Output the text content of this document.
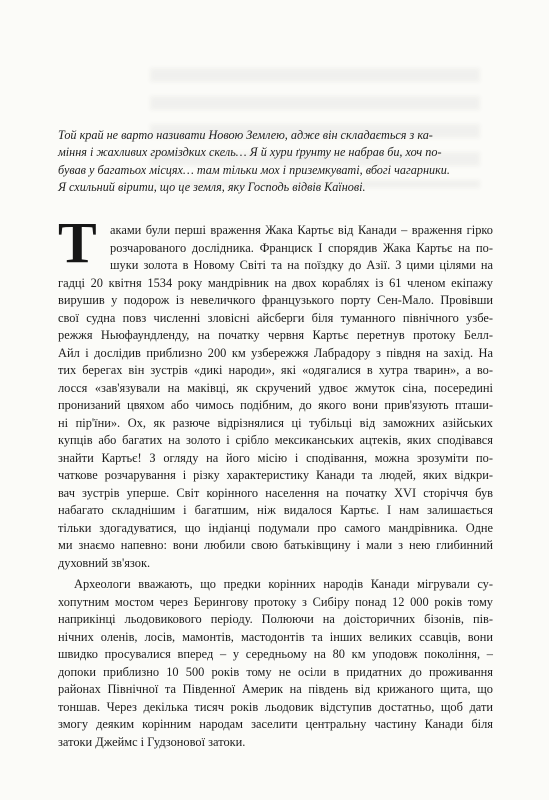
Той край не варто називати Новою Землею, адже він складається з ка-
міння і жахливих громіздких скель… Я й хури ґрунту не набрав би, хоч по-
бував у багатьох місцях… там тільки мох і приземкуваті, вбогі чагарники.
Я схильний вірити, що це земля, яку Господь відвів Каїнові.

Т	аками були перші враження Жака Картьє від Канади – враження гірко
розчарованого дослідника. Франциск I спорядив Жака Картьє на по-
шуки золота в Новому Світі та на поїздку до Азії. З цими цілями на
гадці 20 квітня 1534 року мандрівник на двох кораблях із 61 членом екіпажу
вирушив у подорож із невеличкого французького порту Сен-Мало. Провівши
свої судна повз численні зловісні айсберги біля туманного північного узбе-
режжя Ньюфаундленду, на початку червня Картьє перетнув протоку Белл-
Айл і дослідив приблизно 200 км узбережжя Лабрадору з півдня на захід. На
тих берегах він зустрів «дикі народи», які «одягалися в хутра тварин», а во-
лосся «зав'язували на маківці, як скручений удвоє жмуток сіна, посередині
пронизаний цвяхом або чимось подібним, до якого вони прив'язують пташи-
ні пір'їни». Ох, як разюче відрізнялися ці тубільці від заможних азійських
купців або багатих на золото і срібло мексиканських ацтеків, яких сподівався
знайти Картьє! З огляду на його місію і сподівання, можна зрозуміти по-
чаткове розчарування і різку характеристику Канади та людей, яких відкри-
вач зустрів уперше. Світ корінного населення на початку XVI сторіччя був
набагато складнішим і багатшим, ніж видалося Картьє. І нам залишається
тільки здогадуватися, що індіанці подумали про самого мандрівника. Одне
ми знаємо напевно: вони любили свою батьківщину і мали з нею глибинний
духовний зв'язок.
Археологи вважають, що предки корінних народів Канади мігрували су-
хопутним мостом через Берингову протоку з Сибіру понад 12 000 років тому
наприкінці льодовикового періоду. Полюючи на доісторичних бізонів, пів-
нічних оленів, лосів, мамонтів, мастодонтів та інших великих ссавців, вони
швидко просувалися вперед – у середньому на 80 км уподовж покоління, –
допоки приблизно 10 500 років тому не осіли в придатних до проживання
районах Північної та Південної Америк на південь від крижаного щита, що
тоншав. Через декілька тисяч років льодовик відступив достатньо, щоб дати
змогу деяким корінним народам заселити центральну частину Канади біля
затоки Джеймс і Гудзонової затоки.
